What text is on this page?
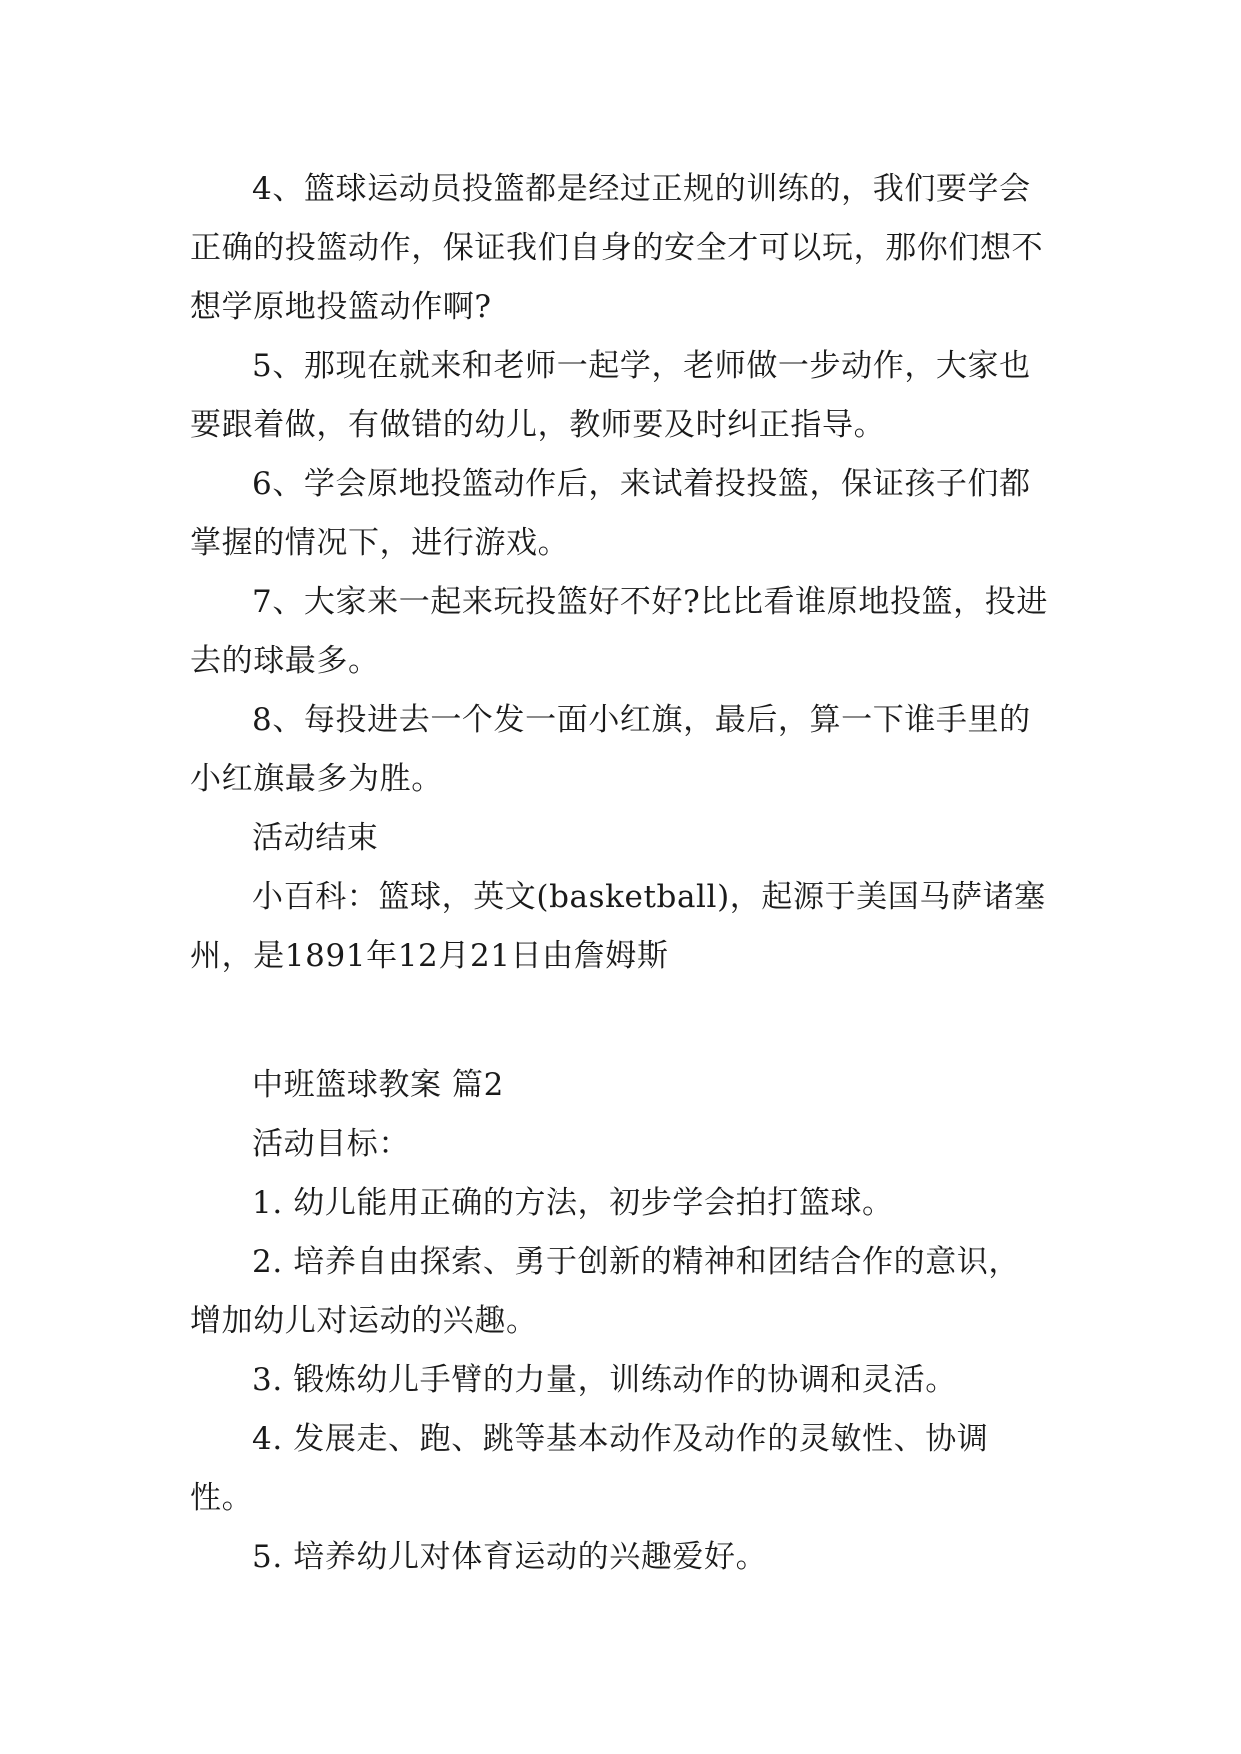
4、篮球运动员投篮都是经过正规的训练的，我们要学会正确的投篮动作，保证我们自身的安全才可以玩，那你们想不想学原地投篮动作啊?

5、那现在就来和老师一起学，老师做一步动作，大家也要跟着做，有做错的幼儿，教师要及时纠正指导。

6、学会原地投篮动作后，来试着投投篮，保证孩子们都掌握的情况下，进行游戏。

7、大家来一起来玩投篮好不好?比比看谁原地投篮，投进去的球最多。

8、每投进去一个发一面小红旗，最后，算一下谁手里的小红旗最多为胜。

活动结束

小百科：篮球，英文(basketball)，起源于美国马萨诸塞州，是1891年12月21日由詹姆斯

中班篮球教案 篇2

活动目标：

1. 幼儿能用正确的方法，初步学会拍打篮球。

2. 培养自由探索、勇于创新的精神和团结合作的意识，增加幼儿对运动的兴趣。

3. 锻炼幼儿手臂的力量，训练动作的协调和灵活。

4. 发展走、跑、跳等基本动作及动作的灵敏性、协调性。

5. 培养幼儿对体育运动的兴趣爱好。
